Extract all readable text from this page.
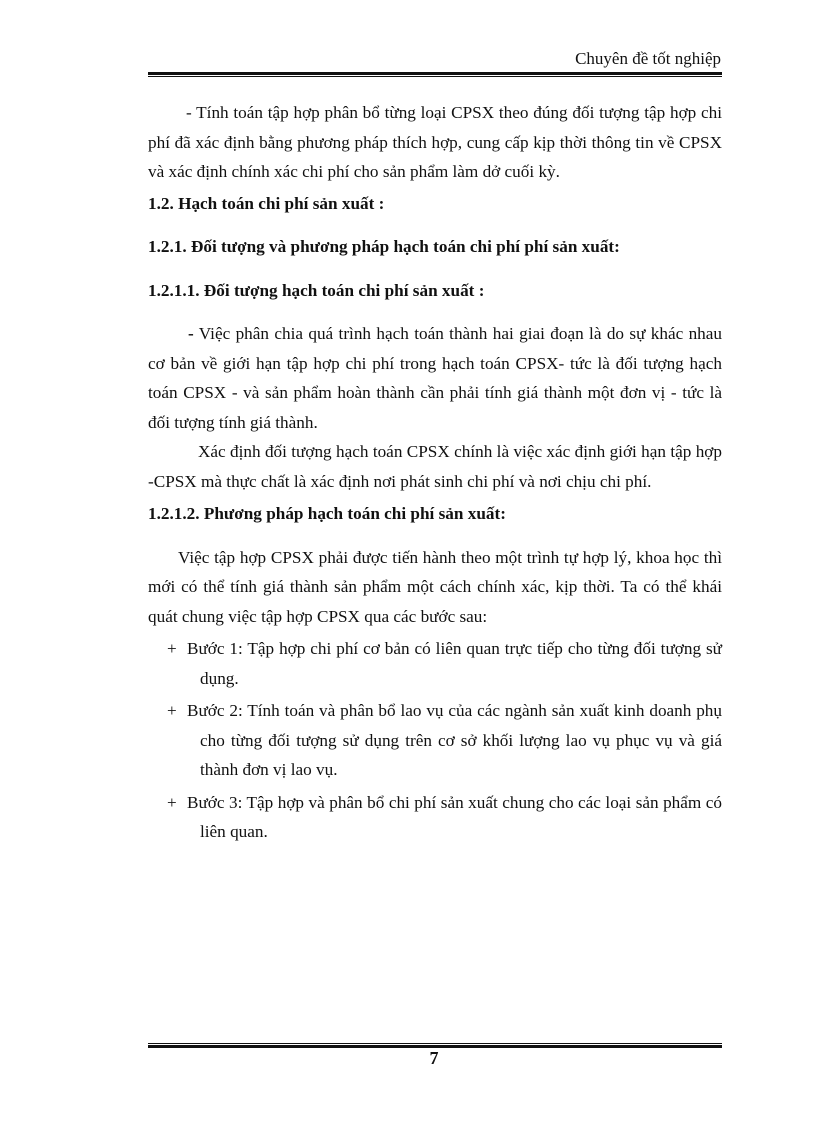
Chuyên đề tốt nghiệp

- Tính toán tập hợp phân bổ từng loại CPSX theo đúng đối tượng tập hợp chi phí đã xác định bằng phương pháp thích hợp, cung cấp kịp thời thông tin về CPSX và xác định chính xác chi phí cho sản phẩm làm dở cuối kỳ.

1.2. Hạch toán chi phí sản xuất :

1.2.1. Đối tượng và phương pháp hạch toán chi phí phí sản xuất:

1.2.1.1. Đối tượng hạch toán chi phí sản xuất :

- Việc phân chia quá trình hạch toán thành hai giai đoạn là do sự khác nhau cơ bản về giới hạn tập hợp chi phí trong hạch toán CPSX- tức là đối tượng hạch toán CPSX - và sản phẩm hoàn thành cần phải tính giá thành một đơn vị - tức là đối tượng tính giá thành.

Xác định đối tượng hạch toán CPSX chính là việc xác định giới hạn tập hợp -CPSX mà thực chất là xác định nơi phát sinh chi phí và nơi chịu chi phí.

1.2.1.2. Phương pháp hạch toán chi phí sản xuất:

Việc tập hợp CPSX phải được tiến hành theo một trình tự hợp lý, khoa học thì mới có thể tính giá thành sản phẩm một cách chính xác, kịp thời. Ta có thể khái quát chung việc tập hợp CPSX qua các bước sau:

+ Bước 1: Tập hợp chi phí cơ bản có liên quan trực tiếp cho từng đối tượng sử dụng.

+ Bước 2: Tính toán và phân bổ lao vụ của các ngành sản xuất kinh doanh phụ cho từng đối tượng sử dụng trên cơ sở khối lượng lao vụ phục vụ và giá thành đơn vị lao vụ.

+ Bước 3: Tập hợp và phân bổ chi phí sản xuất chung cho các loại sản phẩm có liên quan.

7
